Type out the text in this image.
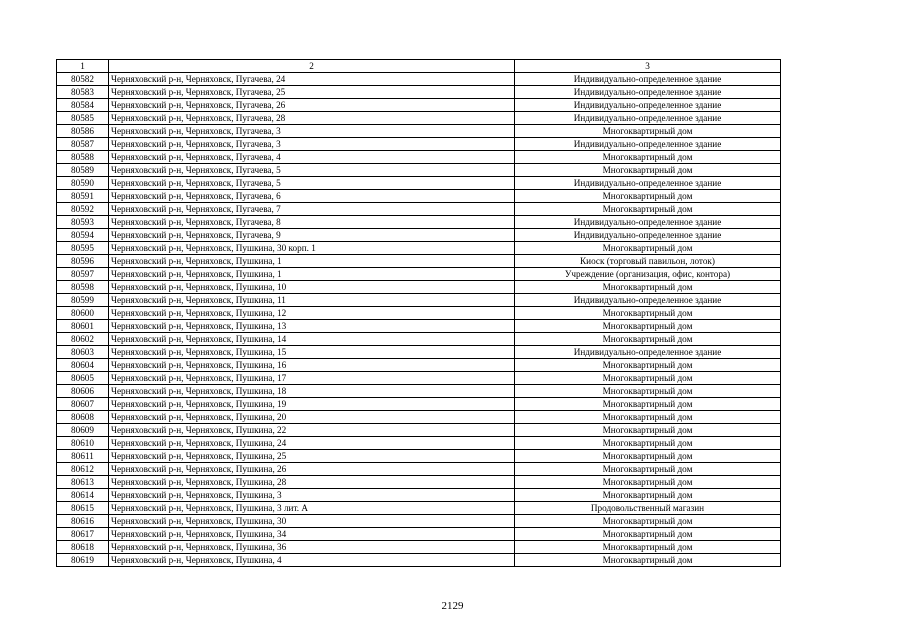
1	2	3
80582	Черняховский р-н, Черняховск, Пугачева, 24	Индивидуально-определенное здание
80583	Черняховский р-н, Черняховск, Пугачева, 25	Индивидуально-определенное здание
80584	Черняховский р-н, Черняховск, Пугачева, 26	Индивидуально-определенное здание
80585	Черняховский р-н, Черняховск, Пугачева, 28	Индивидуально-определенное здание
80586	Черняховский р-н, Черняховск, Пугачева, 3	Многоквартирный дом
80587	Черняховский р-н, Черняховск, Пугачева, 3	Индивидуально-определенное здание
80588	Черняховский р-н, Черняховск, Пугачева, 4	Многоквартирный дом
80589	Черняховский р-н, Черняховск, Пугачева, 5	Многоквартирный дом
80590	Черняховский р-н, Черняховск, Пугачева, 5	Индивидуально-определенное здание
80591	Черняховский р-н, Черняховск, Пугачева, 6	Многоквартирный дом
80592	Черняховский р-н, Черняховск, Пугачева, 7	Многоквартирный дом
80593	Черняховский р-н, Черняховск, Пугачева, 8	Индивидуально-определенное здание
80594	Черняховский р-н, Черняховск, Пугачева, 9	Индивидуально-определенное здание
80595	Черняховский р-н, Черняховск, Пушкина, 30 корп. 1	Многоквартирный дом
80596	Черняховский р-н, Черняховск, Пушкина, 1	Киоск (торговый павильон, лоток)
80597	Черняховский р-н, Черняховск, Пушкина, 1	Учреждение (организация, офис, контора)
80598	Черняховский р-н, Черняховск, Пушкина, 10	Многоквартирный дом
80599	Черняховский р-н, Черняховск, Пушкина, 11	Индивидуально-определенное здание
80600	Черняховский р-н, Черняховск, Пушкина, 12	Многоквартирный дом
80601	Черняховский р-н, Черняховск, Пушкина, 13	Многоквартирный дом
80602	Черняховский р-н, Черняховск, Пушкина, 14	Многоквартирный дом
80603	Черняховский р-н, Черняховск, Пушкина, 15	Индивидуально-определенное здание
80604	Черняховский р-н, Черняховск, Пушкина, 16	Многоквартирный дом
80605	Черняховский р-н, Черняховск, Пушкина, 17	Многоквартирный дом
80606	Черняховский р-н, Черняховск, Пушкина, 18	Многоквартирный дом
80607	Черняховский р-н, Черняховск, Пушкина, 19	Многоквартирный дом
80608	Черняховский р-н, Черняховск, Пушкина, 20	Многоквартирный дом
80609	Черняховский р-н, Черняховск, Пушкина, 22	Многоквартирный дом
80610	Черняховский р-н, Черняховск, Пушкина, 24	Многоквартирный дом
80611	Черняховский р-н, Черняховск, Пушкина, 25	Многоквартирный дом
80612	Черняховский р-н, Черняховск, Пушкина, 26	Многоквартирный дом
80613	Черняховский р-н, Черняховск, Пушкина, 28	Многоквартирный дом
80614	Черняховский р-н, Черняховск, Пушкина, 3	Многоквартирный дом
80615	Черняховский р-н, Черняховск, Пушкина, 3 лит. А	Продовольственный магазин
80616	Черняховский р-н, Черняховск, Пушкина, 30	Многоквартирный дом
80617	Черняховский р-н, Черняховск, Пушкина, 34	Многоквартирный дом
80618	Черняховский р-н, Черняховск, Пушкина, 36	Многоквартирный дом
80619	Черняховский р-н, Черняховск, Пушкина, 4	Многоквартирный дом
2129
